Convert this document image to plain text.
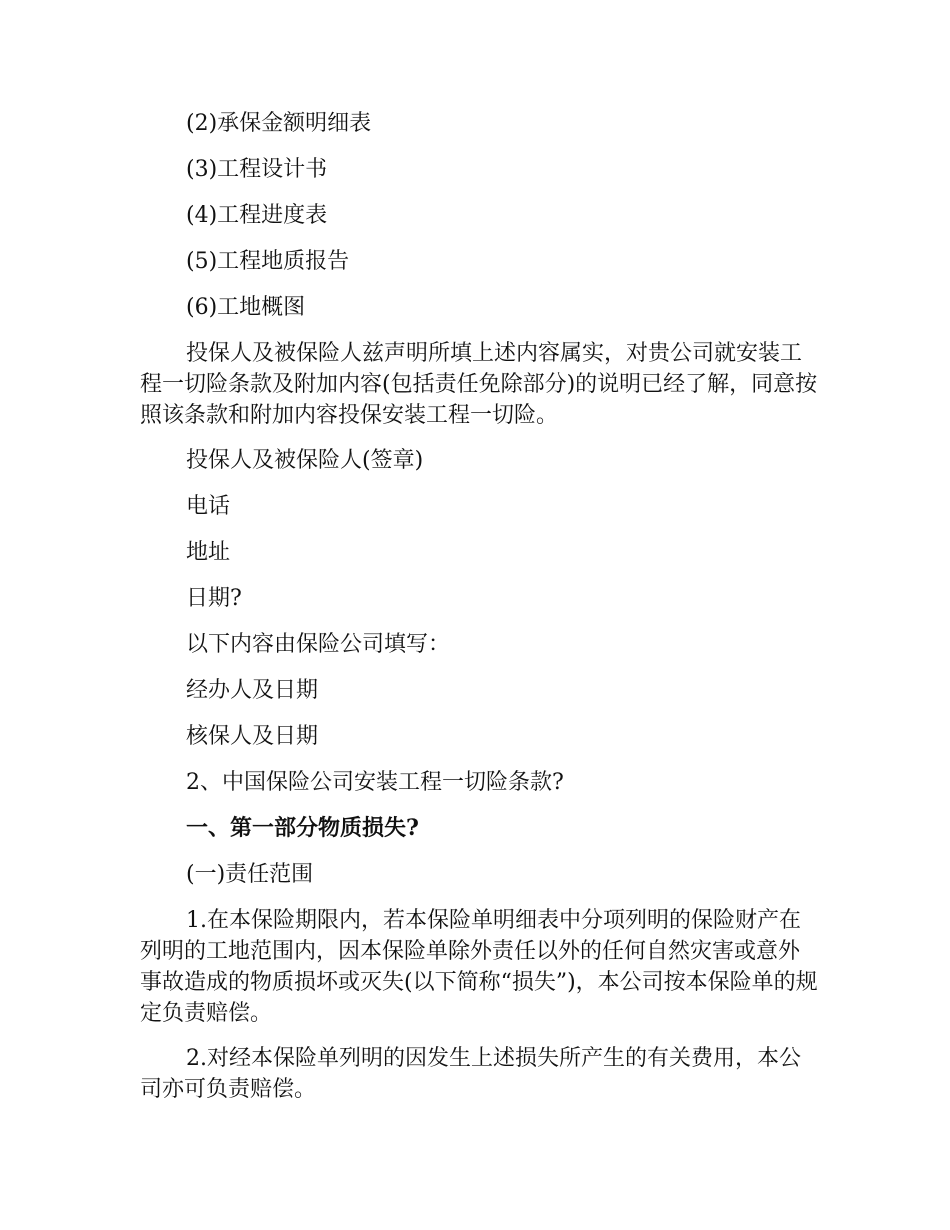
(2)承保金额明细表

(3)工程设计书

(4)工程进度表

(5)工程地质报告

(6)工地概图

投保人及被保险人兹声明所填上述内容属实，对贵公司就安装工程一切险条款及附加内容(包括责任免除部分)的说明已经了解，同意按照该条款和附加内容投保安装工程一切险。

投保人及被保险人(签章)

电话

地址

日期?

以下内容由保险公司填写：

经办人及日期

核保人及日期

2、中国保险公司安装工程一切险条款?

一、第一部分物质损失?

(一)责任范围

1.在本保险期限内，若本保险单明细表中分项列明的保险财产在列明的工地范围内，因本保险单除外责任以外的任何自然灾害或意外事故造成的物质损坏或灭失(以下简称“损失”)，本公司按本保险单的规定负责赔偿。

2.对经本保险单列明的因发生上述损失所产生的有关费用，本公司亦可负责赔偿。
